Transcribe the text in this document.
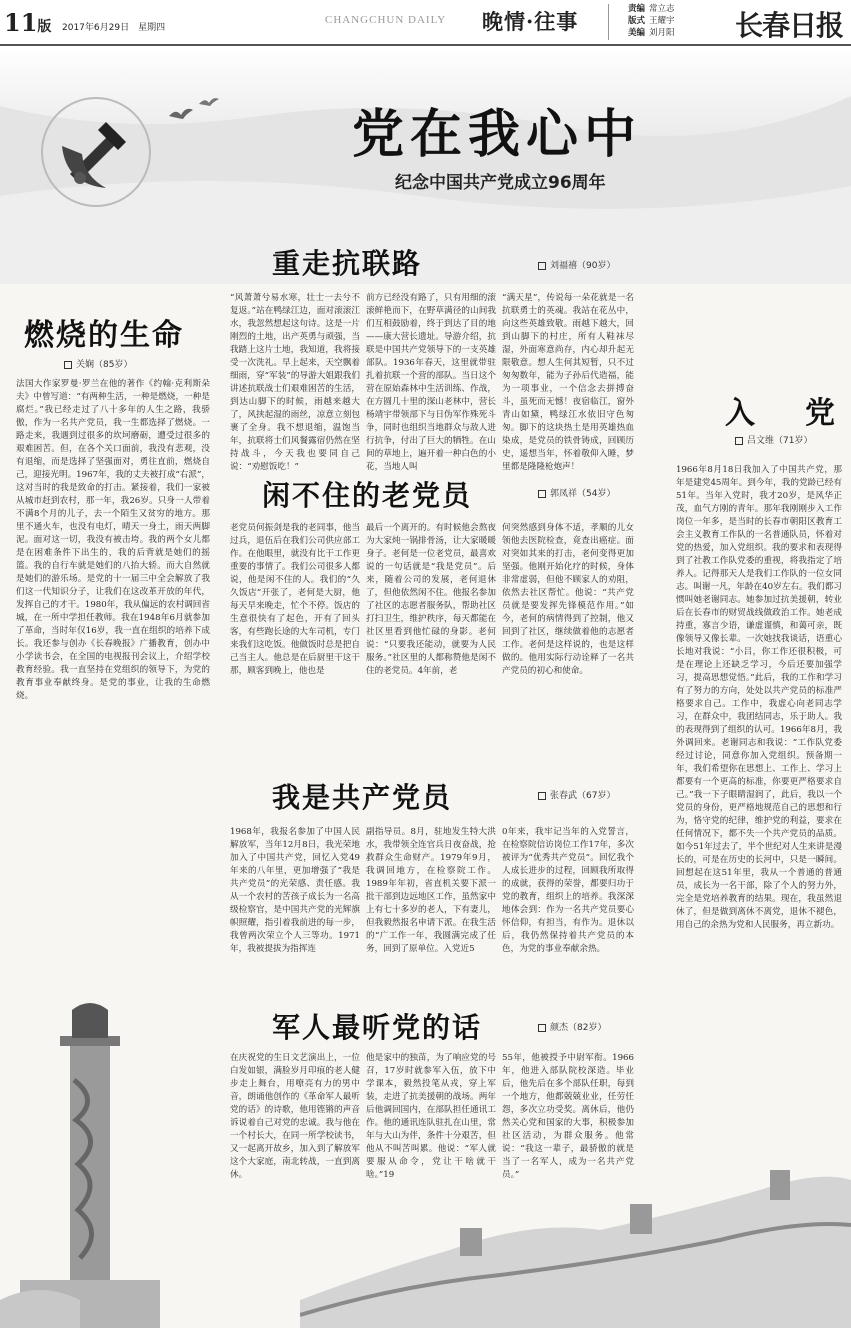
11版 2017年6月29日　星期四
CHANGCHUN DAILY 晚情·往事	责编 常立志
版式 王耀宇
美编 刘月阳 长春日报
党在我心中
纪念中国共产党成立96周年
重走抗联路	刘福禧（90岁）
“风萧萧兮易水寒，壮士一去兮不复返。”站在鸭绿江边，面对滚滚江水，我忽然想起这句诗。这是一片刚烈的土地，出产英勇与顽强，当我踏上这片土地，我知道，我将接受一次洗礼。早上起来，天空飘着细雨，穿“军装”的导游大姐跟我们讲述抗联战士们艰难困苦的生活，到达山脚下的时候，雨越来越大了，风挟起湿的雨丝，凉意立刻包裹了全身。我不想退缩，温饱当年，抗联将士们风餐露宿仍然在坚持战斗，今天我也要同自己说：“劝慰饭吃！”
前方已经没有路了，只有用细的滚滚鲜艳而下，在野草满径的山间我们互相鼓励着，终于到达了目的地——康大营长遗址。导游介绍，抗联是中国共产党领导下的一支英雄部队。1936年春天，这里就带驻扎着抗联一个营的部队。当日这个营在原始森林中生活训练、作战，在方圆几十里的深山老林中，营长杨靖宇带领部下与日伪军作殊死斗争，同时也组织当地群众与敌人进行抗争，付出了巨大的牺牲。在山间的草地上，遍开着一种白色的小花，当地人叫
“满天星”，传说每一朵花就是一名抗联勇士的英魂。我站在花丛中，向这些英雄致敬。雨越下越大，回到山脚下的村庄，所有人鞋袜尽湿，外面寒意尚存，内心却升起无限敬意。想人生何其短暂，只不过匆匆数年，能为子孙后代造福，能为一项事业，一个信念去拼搏奋斗，虽死而无憾！夜宿临江，窗外青山如黛，鸭绿江水依旧守色匆匆。脚下的这块热土是用英雄热血染成，是党员的铁骨铸成，回顾历史，遥想当年，怀着敬仰入睡，梦里都是隆隆枪炮声！
燃烧的生命
关娴（85岁）
法国大作家罗曼·罗兰在他的著作《约翰·克利斯朵夫》中曾写道：“有两种生活，一种是燃烧，一种是腐烂。”我已经走过了八十多年的人生之路，我骄傲，作为一名共产党员，我一生都选择了燃烧。一路走来，我遇到过很多的坎坷磨砺，遭受过很多的艰难困苦。但，在各个关口面前，我没有悲观，没有退缩，而是选择了坚强面对，勇往直前，燃烧自己，迎接光明。1967年，我的丈夫被打成“右派”，这对当时的我是致命的打击。紧接着，我们一家被从城市赶到农村，那一年，我26岁。只身一人带着不满8个月的儿子，去一个陌生又贫穷的地方。那里不通火车，也没有电灯，晴天一身土，雨天两脚泥。面对这一切，我没有被击垮。我的两个女儿都是在困难条件下出生的，我的后背就是她们的摇篮。我的自行车就是她们的八抬大轿。而大自然就是她们的游乐场。是党的十一届三中全会解放了我们这一代知识分子，让我们在这改革开放的年代，发挥自己的才干。1980年，我从偏远的农村调回省城，在一所中学担任教师。我在1948年6月就参加了革命，当时年仅16岁，我一直在组织的培养下成长。我还参与创办《长春晚报》广播教育，创办中小学读书会，在全国的电视报刊会议上，介绍学校教育经验。我一直坚持在党组织的领导下，为党的教育事业奉献终身。是党的事业，让我的生命燃烧。
入　党
吕文维（71岁）
1966年8月18日我加入了中国共产党，那年是建党45周年。到今年，我的党龄已经有51年。当年入党时，我才20岁，是风华正茂，血气方刚的青年。那年我刚刚步入工作岗位一年多，是当时的长春市朝阳区教育工会主义教育工作队的一名普通队员，怀着对党的热爱，加入党组织。我的要求和表现得到了社教工作队党委的重视，将我指定了培养人。记得那天人是我们工作队的一位女同志。叫谢一凡，年龄在40岁左右。我们都习惯叫她老谢同志。她参加过抗美援朝，转业后在长春市的财贸战线做政治工作。她老成持重，寡言少语，谦虚谨慎，和蔼可亲，既像领导又像长辈。一次她找我谈话，语重心长地对我说：“小吕，你工作还很积极，可是在理论上还缺乏学习，今后还要加强学习，提高思想觉悟。”此后，我的工作和学习有了努力的方向，处处以共产党员的标准严格要求自己。工作中，我虚心向老同志学习，在群众中，我团结同志，乐于助人。我的表现得到了组织的认可。1966年8月，我外调回来。老谢同志和我说：“工作队党委经过讨论，同意你加入党组织。预备期一年，我们希望你在思想上、工作上、学习上都要有一个更高的标准，你要更严格要求自己。”我一下子眼睛湿润了，此后，我以一个党员的身份，更严格地规范自己的思想和行为，恪守党的纪律，维护党的利益，要求在任何情况下，都不失一个共产党员的品质。如今51年过去了，半个世纪对人生来讲是漫长的，可是在历史的长河中，只是一瞬间。回想起在这51年里，我从一个普通的普通员，成长为一名干部，除了个人的努力外，完全是党培养教育的结果。现在，我虽然退休了，但是做到离休不离党，退休不褪色，用自己的余热为党和人民服务，再立新功。
闲不住的老党员	郭凤祥（54岁）
老党员何振剑是我的老同事，他当过兵，退伍后在我们公司供应部工作。在他眼里，就没有比干工作更重要的事情了。我们公司很多人都说，他是闲不住的人。我们的“久久饭店”开张了，老何是大厨，他每天早来晚走，忙个不停。饭店的生意很快有了起色，开有了回头客，有些跑长途的大车司机，专门来我们这吃饭。他做饭时总是把自己当主人。他总是在后厨里干这干那，顾客到晚上，他也是
最后一个离开的。有时候他会熬夜为大家炖一锅排骨汤，让大家暖暖身子。老何是一位老党员，最喜欢说的一句话就是“我是党员”。后来，随着公司的发展，老何退休了，但他依然闲不住。他报名参加了社区的志愿者服务队，帮助社区打扫卫生，维护秩序，每天都能在社区里看到他忙碌的身影。老何说：“只要我还能动，就要为人民服务。”社区里的人都称赞他是闲不住的老党员。4年前，老
何突然感到身体不适，孝顺的儿女领他去医院检查，竟查出癌症。面对突如其来的打击，老何变得更加坚强。他刚开始化疗的时候，身体非常虚弱，但他不顾家人的劝阻，依然去社区帮忙。他说：“共产党员就是要发挥先锋模范作用。”如今，老何的病情得到了控制，他又回到了社区，继续做着他的志愿者工作。老何是这样说的，也是这样做的。他用实际行动诠释了一名共产党员的初心和使命。
我是共产党员	张春武（67岁）
1968年，我报名参加了中国人民解放军，当年12月8日，我光荣地加入了中国共产党，回忆入党49年来的八年里，更加增强了“我是共产党员”的光荣感、责任感。我从一个农村的苦孩子成长为一名高级检察官，是中国共产党的光辉旗帜照耀，指引着我前进的每一步，我曾两次荣立个人三等功。1971年，我被提拔为指挥连
副指导员。8月，驻地发生特大洪水，我带领全连官兵日夜奋战，抢救群众生命财产。1979年9月，我调回地方，在检察院工作。1989年年初，省直机关要下派一批干部到边远地区工作，虽然家中上有七十多岁的老人，下有妻儿，但我毅然报名申请下派。在我生活的“广工作一年，我圆满完成了任务，回到了原单位。入党近5
0年来，我牢记当年的入党誓言，在检察院信访岗位工作17年，多次被评为“优秀共产党员”。回忆我个人成长进步的过程，回顾我所取得的成就，获得的荣誉，都要归功于党的教育，组织上的培养。我深深地体会到：作为一名共产党员要心怀信仰，有担当，有作为。退休以后，我仍然保持着共产党员的本色，为党的事业奉献余热。
军人最听党的话	颜杰（82岁）
在庆祝党的生日文艺演出上，一位白发如银，满脸岁月印痕的老人健步走上舞台，用嘹亮有力的男中音，朗诵他创作的《革命军人最听党的话》的诗歌，他用铿锵的声音诉说着自己对党的忠诚。我与他在一个村长大，在同一所学校读书，又一起离开故乡，加入到了解放军这个大家庭，南北转战，一直到离休。
他是家中的独苗，为了响应党的号召，17岁时就参军入伍，放下中学课本，毅然投笔从戎，穿上军装，走进了抗美援朝的战场。两年后他调回国内，在部队担任通讯工作。他的通讯连队驻扎在山里，常年与大山为伴，条件十分艰苦，但他从不叫苦叫累。他说：“军人就要服从命令，党让干啥就干啥。”19
55年，他被授予中尉军衔。1966年，他进入部队院校深造。毕业后，他先后在多个部队任职，每到一个地方，他都兢兢业业，任劳任怨，多次立功受奖。离休后，他仍然关心党和国家的大事，积极参加社区活动，为群众服务。他常说：“我这一辈子，最骄傲的就是当了一名军人，成为一名共产党员。”
